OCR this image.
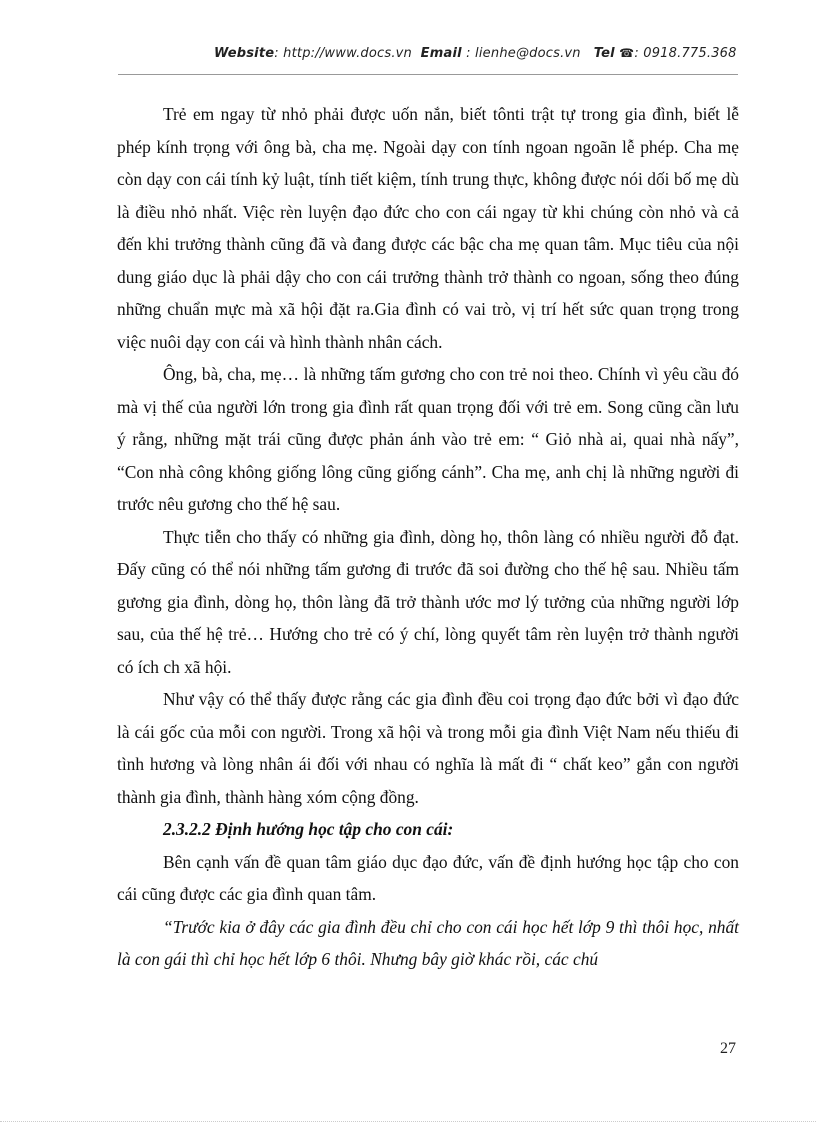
Website: http://www.docs.vn Email : lienhe@docs.vn Tel ☎: 0918.775.368

Trẻ em ngay từ nhỏ phải được uốn nắn, biết tônti trật tự trong gia đình, biết lễ phép kính trọng với ông bà, cha mẹ. Ngoài dạy con tính ngoan ngoãn lễ phép. Cha mẹ còn dạy con cái tính kỷ luật, tính tiết kiệm, tính trung thực, không được nói dối bố mẹ dù là điều nhỏ nhất. Việc rèn luyện đạo đức cho con cái ngay từ khi chúng còn nhỏ và cả đến khi trưởng thành cũng đã và đang được các bậc cha mẹ quan tâm. Mục tiêu của nội dung giáo dục là phải dậy cho con cái trưởng thành trở thành co ngoan, sống theo đúng những chuẩn mực mà xã hội đặt ra.Gia đình có vai trò, vị trí hết sức quan trọng trong việc nuôi dạy con cái và hình thành nhân cách.

Ông, bà, cha, mẹ… là những tấm gương cho con trẻ noi theo. Chính vì yêu cầu đó mà vị thế của người lớn trong gia đình rất quan trọng đối với trẻ em. Song cũng cần lưu ý rằng, những mặt trái cũng được phản ánh vào trẻ em: “ Giỏ nhà ai, quai nhà nấy”, “Con nhà công không giống lông cũng giống cánh”. Cha mẹ, anh chị là những người đi trước nêu gương cho thế hệ sau.

Thực tiễn cho thấy có những gia đình, dòng họ, thôn làng có nhiều người đỗ đạt. Đấy cũng có thể nói những tấm gương đi trước đã soi đường cho thế hệ sau. Nhiều tấm gương gia đình, dòng họ, thôn làng đã trở thành ước mơ lý tưởng của những người lớp sau, của thế hệ trẻ… Hướng cho trẻ có ý chí, lòng quyết tâm rèn luyện trở thành người có ích ch xã hội.

Như vậy có thể thấy được rằng các gia đình đều coi trọng đạo đức bởi vì đạo đức là cái gốc của mỗi con người. Trong xã hội và trong mỗi gia đình Việt Nam nếu thiếu đi tình hương và lòng nhân ái đối với nhau có nghĩa là mất đi “ chất keo” gắn con người thành gia đình, thành hàng xóm cộng đồng.

2.3.2.2 Định hướng học tập cho con cái:

Bên cạnh vấn đề quan tâm giáo dục đạo đức, vấn đề định hướng học tập cho con cái cũng được các gia đình quan tâm.

“Trước kia ở đây các gia đình đều chỉ cho con cái học hết lớp 9 thì thôi học, nhất là con gái thì chỉ học hết lớp 6 thôi. Nhưng bây giờ khác rồi, các chú

27
